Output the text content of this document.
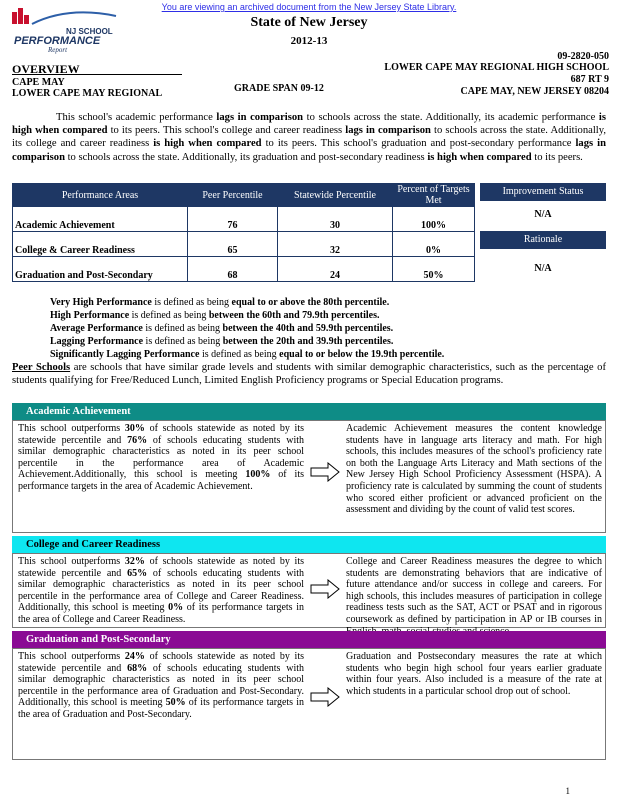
You are viewing an archived document from the New Jersey State Library.
NJ SCHOOL
PERFORMANCE
Report
State of New Jersey
2012-13
OVERVIEW
CAPE MAY
LOWER CAPE MAY REGIONAL	GRADE SPAN 09-12
09-2820-050
LOWER CAPE MAY REGIONAL HIGH SCHOOL
687 RT 9
CAPE MAY, NEW JERSEY 08204

This school's academic performance lags in comparison to schools across the state. Additionally, its academic performance is high when compared to its peers. This school's college and career readiness lags in comparison to schools across the state. Additionally, its college and career readiness is high when compared to its peers. This school's graduation and post-secondary performance lags in comparison to schools across the state. Additionally, its graduation and post-secondary readiness is high when compared to its peers.

Performance Areas	Peer Percentile	Statewide Percentile	Percent of Targets Met
Academic Achievement	76	30	100%
College & Career Readiness	65	32	0%
Graduation and Post-Secondary	68	24	50%
Improvement Status
N/A
Rationale
N/A
Very High Performance is defined as being equal to or above the 80th percentile.
High Performance is defined as being between the 60th and 79.9th percentiles.
Average Performance is defined as being between the 40th and 59.9th percentiles.
Lagging Performance is defined as being between the 20th and 39.9th percentiles.
Significantly Lagging Performance is defined as being equal to or below the 19.9th percentile.
Peer Schools are schools that have similar grade levels and students with similar demographic characteristics, such as the percentage of students qualifying for Free/Reduced Lunch, Limited English Proficiency programs or Special Education programs.
Academic Achievement
This school outperforms 30% of schools statewide as noted by its statewide percentile and 76% of schools educating students with similar demographic characteristics as noted in its peer school percentile in the performance area of Academic Achievement.Additionally, this school is meeting 100% of its performance targets in the area of Academic Achievement.
Academic Achievement measures the content knowledge students have in language arts literacy and math. For high schools, this includes measures of the school's proficiency rate on both the Language Arts Literacy and Math sections of the New Jersey High School Proficiency Assessment (HSPA). A proficiency rate is calculated by summing the count of students who scored either proficient or advanced proficient on the assessment and dividing by the count of valid test scores.
College and Career Readiness
This school outperforms 32% of schools statewide as noted by its statewide percentile and 65% of schools educating students with similar demographic characteristics as noted in its peer school percentile in the performance area of College and Career Readiness. Additionally, this school is meeting 0% of its performance targets in the area of College and Career Readiness.
College and Career Readiness measures the degree to which students are demonstrating behaviors that are indicative of future attendance and/or success in college and careers. For high schools, this includes measures of participation in college readiness tests such as the SAT, ACT or PSAT and in rigorous coursework as defined by participation in AP or IB courses in
Graduation and Post-Secondary
This school outperforms 24% of schools statewide as noted by its statewide percentile and 68% of schools educating students with similar demographic characteristics as noted in its peer school percentile in the performance area of Graduation and Post-Secondary. Additionally, this school is meeting 50% of its performance targets in the area of Graduation and Post-Secondary.
Graduation and Postsecondary measures the rate at which students who begin high school four years earlier graduate within four years. Also included is a measure of the rate at which students in a particular school drop out of school.
1
